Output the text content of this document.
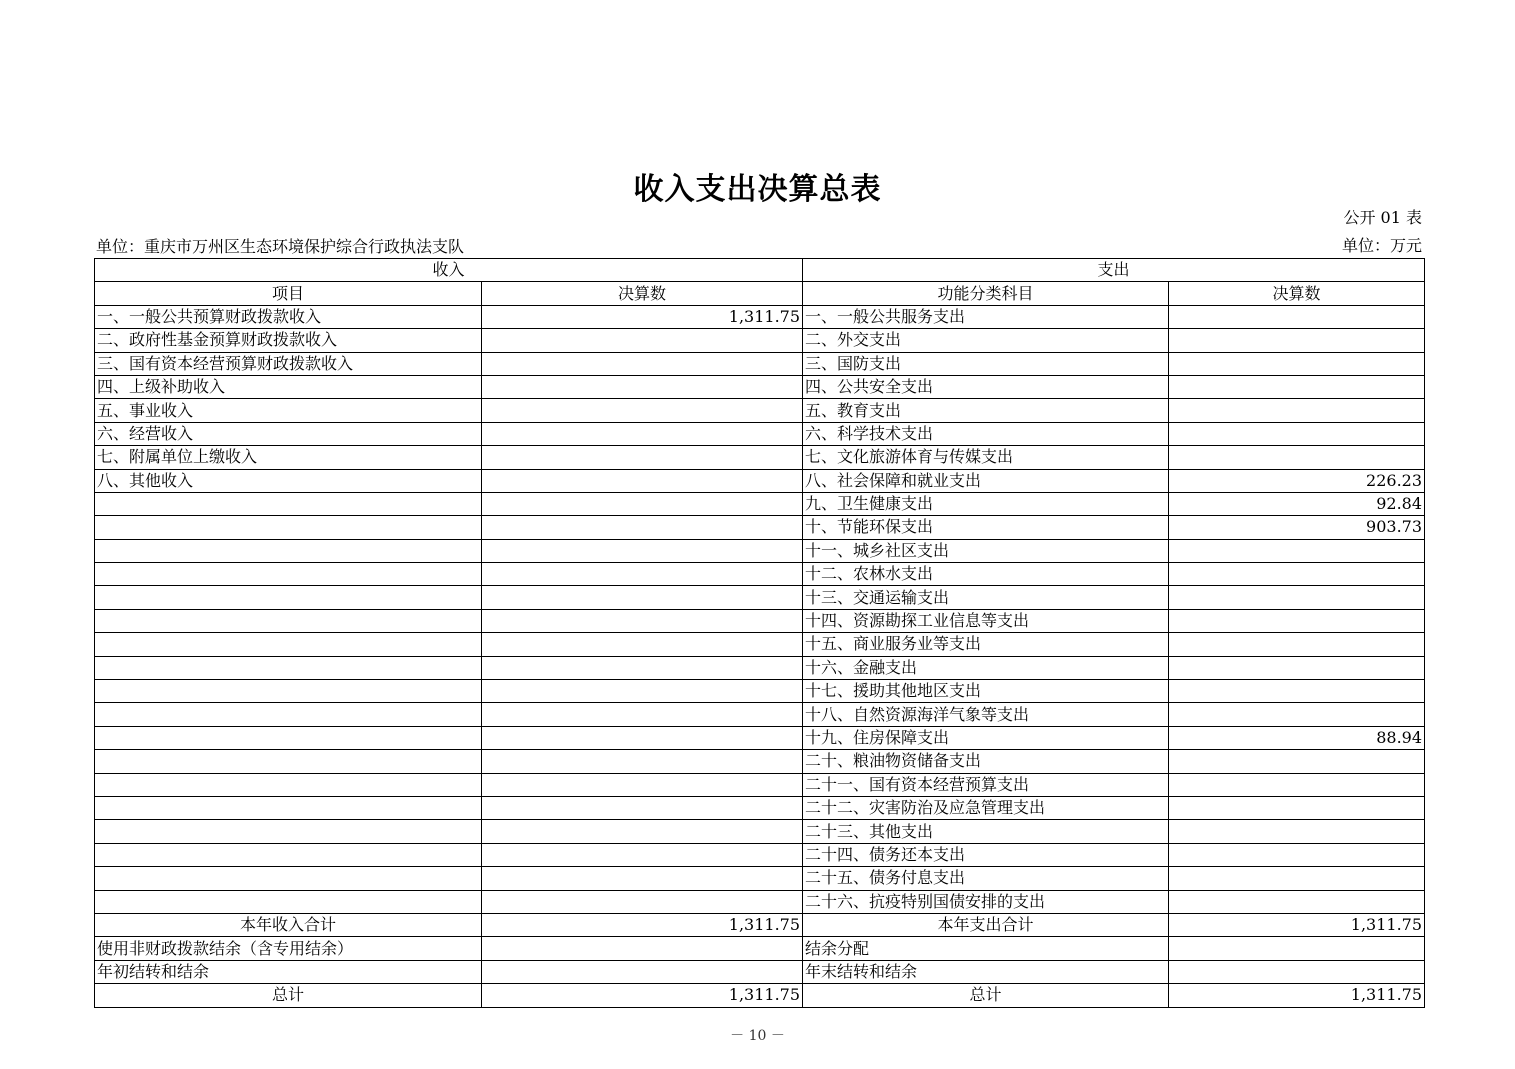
收入支出决算总表
公开 01 表
单位：重庆市万州区生态环境保护综合行政执法支队	单位：万元
收入		支出	
项目	决算数	功能分类科目	决算数
一、一般公共预算财政拨款收入	1,311.75	一、一般公共服务支出	
二、政府性基金预算财政拨款收入		二、外交支出	
三、国有资本经营预算财政拨款收入		三、国防支出	
四、上级补助收入		四、公共安全支出	
五、事业收入		五、教育支出	
六、经营收入		六、科学技术支出	
七、附属单位上缴收入		七、文化旅游体育与传媒支出	
八、其他收入		八、社会保障和就业支出	226.23
		九、卫生健康支出	92.84
		十、节能环保支出	903.73
		十一、城乡社区支出	
		十二、农林水支出	
		十三、交通运输支出	
		十四、资源勘探工业信息等支出	
		十五、商业服务业等支出	
		十六、金融支出	
		十七、援助其他地区支出	
		十八、自然资源海洋气象等支出	
		十九、住房保障支出	88.94
		二十、粮油物资储备支出	
		二十一、国有资本经营预算支出	
		二十二、灾害防治及应急管理支出	
		二十三、其他支出	
		二十四、债务还本支出	
		二十五、债务付息支出	
		二十六、抗疫特别国债安排的支出	
本年收入合计	1,311.75	本年支出合计	1,311.75
使用非财政拨款结余（含专用结余）		结余分配	
年初结转和结余		年末结转和结余	
总计	1,311.75	总计	1,311.75
－ 10 －
